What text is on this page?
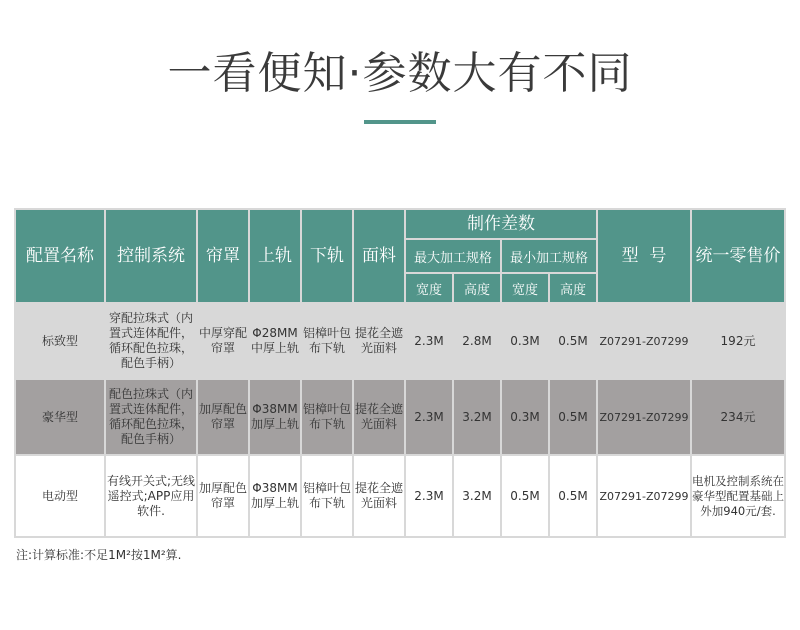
一看便知·参数大有不同
配置名称	控制系统	帘罩	上轨	下轨	面料	制作差数				型  号	统一零售价
						最大加工规格		最小加工规格			
						宽度	高度	宽度	高度		
标致型	穿配拉珠式（内置式连体配件，循环配色拉珠，配色手柄）	中厚穿配帘罩	Φ28MM中厚上轨	铝樟叶包布下轨	提花全遮光面料	2.3M	2.8M	0.3M	0.5M	Z07291-Z07299	192元
豪华型	配色拉珠式（内置式连体配件，循环配色拉珠，配色手柄）	加厚配色帘罩	Φ38MM加厚上轨	铝樟叶包布下轨	提花全遮光面料	2.3M	3.2M	0.3M	0.5M	Z07291-Z07299	234元
电动型	有线开关式;无线遥控式;APP应用软件.	加厚配色帘罩	Φ38MM加厚上轨	铝樟叶包布下轨	提花全遮光面料	2.3M	3.2M	0.5M	0.5M	Z07291-Z07299	电机及控制系统在豪华型配置基础上外加940元/套.
注:计算标准:不足1M²按1M²算.
